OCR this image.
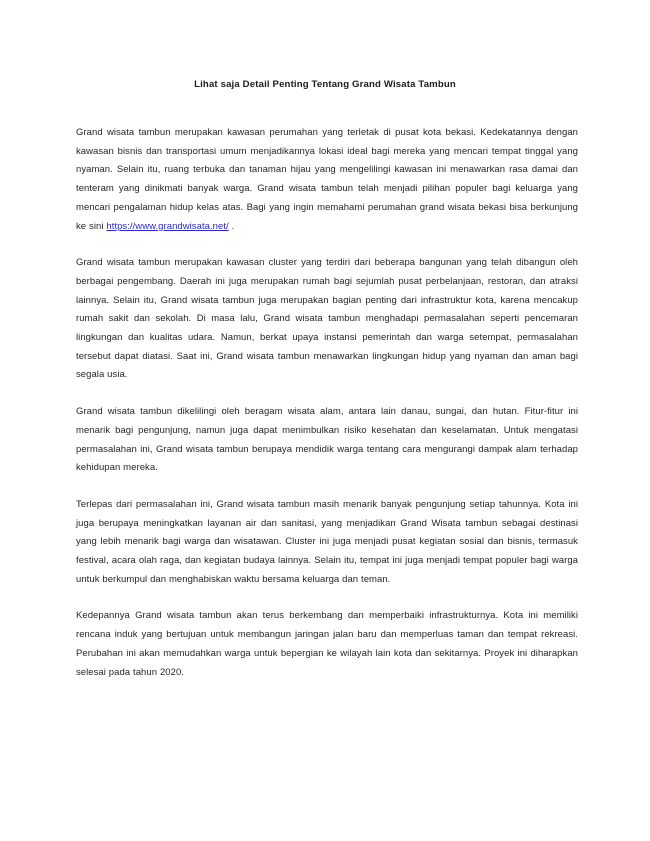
Lihat saja Detail Penting Tentang Grand Wisata Tambun

Grand wisata tambun merupakan kawasan perumahan yang terletak di pusat kota bekasi. Kedekatannya dengan kawasan bisnis dan transportasi umum menjadikannya lokasi ideal bagi mereka yang mencari tempat tinggal yang nyaman. Selain itu, ruang terbuka dan tanaman hijau yang mengelilingi kawasan ini menawarkan rasa damai dan tenteram yang dinikmati banyak warga. Grand wisata tambun telah menjadi pilihan populer bagi keluarga yang mencari pengalaman hidup kelas atas. Bagi yang ingin memahami perumahan grand wisata bekasi bisa berkunjung ke sini https://www.grandwisata.net/ .

Grand wisata tambun merupakan kawasan cluster yang terdiri dari beberapa bangunan yang telah dibangun oleh berbagai pengembang. Daerah ini juga merupakan rumah bagi sejumlah pusat perbelanjaan, restoran, dan atraksi lainnya. Selain itu, Grand wisata tambun juga merupakan bagian penting dari infrastruktur kota, karena mencakup rumah sakit dan sekolah. Di masa lalu, Grand wisata tambun menghadapi permasalahan seperti pencemaran lingkungan dan kualitas udara. Namun, berkat upaya instansi pemerintah dan warga setempat, permasalahan tersebut dapat diatasi. Saat ini, Grand wisata tambun menawarkan lingkungan hidup yang nyaman dan aman bagi segala usia.

Grand wisata tambun dikelilingi oleh beragam wisata alam, antara lain danau, sungai, dan hutan. Fitur-fitur ini menarik bagi pengunjung, namun juga dapat menimbulkan risiko kesehatan dan keselamatan. Untuk mengatasi permasalahan ini, Grand wisata tambun berupaya mendidik warga tentang cara mengurangi dampak alam terhadap kehidupan mereka.

Terlepas dari permasalahan ini, Grand wisata tambun masih menarik banyak pengunjung setiap tahunnya. Kota ini juga berupaya meningkatkan layanan air dan sanitasi, yang menjadikan Grand Wisata tambun sebagai destinasi yang lebih menarik bagi warga dan wisatawan. Cluster ini juga menjadi pusat kegiatan sosial dan bisnis, termasuk festival, acara olah raga, dan kegiatan budaya lainnya. Selain itu, tempat ini juga menjadi tempat populer bagi warga untuk berkumpul dan menghabiskan waktu bersama keluarga dan teman.

Kedepannya Grand wisata tambun akan terus berkembang dan memperbaiki infrastrukturnya. Kota ini memiliki rencana induk yang bertujuan untuk membangun jaringan jalan baru dan memperluas taman dan tempat rekreasi. Perubahan ini akan memudahkan warga untuk bepergian ke wilayah lain kota dan sekitarnya. Proyek ini diharapkan selesai pada tahun 2020.
